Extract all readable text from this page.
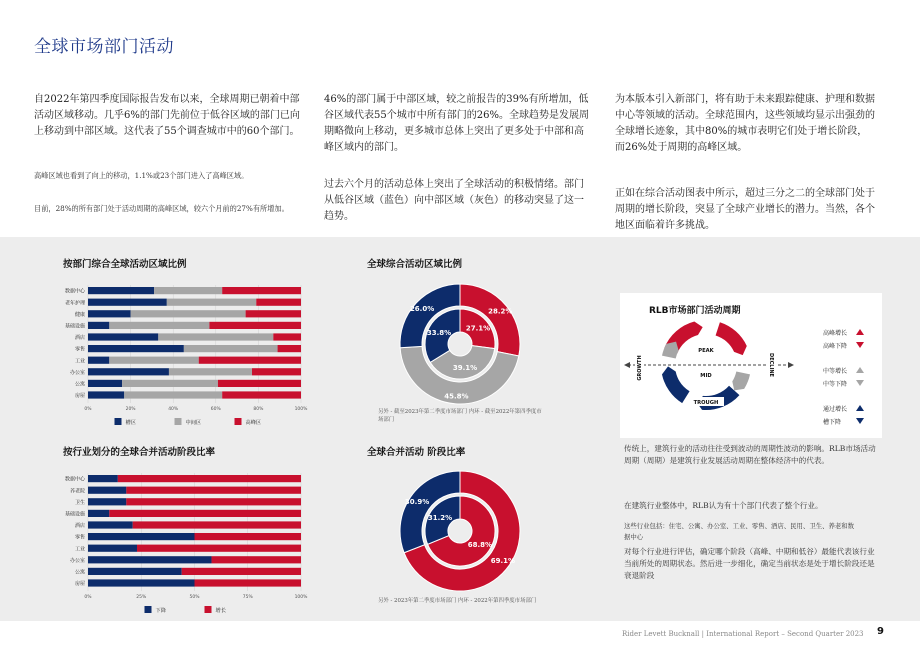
全球市场部门活动
自2022年第四季度国际报告发布以来，全球周期已朝着中部活动区域移动。几乎6%的部门先前位于低谷区域的部门已向上移动到中部区域。这代表了55个调查城市中的60个部门。
高峰区域也看到了向上的移动，1.1%或23个部门进入了高峰区域。
目前，28%的所有部门处于活动周期的高峰区域，较六个月前的27%有所增加。
46%的部门属于中部区域，较之前报告的39%有所增加，低谷区域代表55个城市中所有部门的26%。全球趋势是发展周期略微向上移动，更多城市总体上突出了更多处于中部和高峰区域内的部门。
过去六个月的活动总体上突出了全球活动的积极情绪。部门从低谷区域（蓝色）向中部区域（灰色）的移动突显了这一趋势。
为本版本引入新部门，将有助于未来跟踪健康、护理和数据中心等领域的活动。全球范围内，这些领域均显示出强劲的全球增长迹象，其中80%的城市表明它们处于增长阶段，而26%处于周期的高峰区域。
正如在综合活动图表中所示，超过三分之二的全球部门处于周期的增长阶段，突显了全球产业增长的潜力。当然，各个地区面临着许多挑战。
按部门综合全球活动区域比例	全球综合活动区域比例
按行业划分的全球合并活动阶段比率	全球合并活动 阶段比率
0%	20%	40%	60%	80%	100%
数据中心
老年护理
健康
基础设施
酒店
零售
工业
办公室
公寓
房屋
槽区	中间区	高峰区
0%	25%	50%	75%	100%
数据中心
养老院
卫生
基础设施
酒店
零售
工业
办公室
公寓
房屋
下降	增长
28.2%
45.8%
26.0%
27.1%
39.1%
33.8%
69.1%
30.9%
68.8%
31.2%
另外 - 截至2023年第二季度市场部门 内环 - 截至2022年第四季度市场部门
另外 - 2023年第二季度市场部门 内环 - 2022年第四季度市场部门
RLB市场部门活动周期
PEAK
MID
TROUGH
GROWTH	DECLINE
高峰增长
高峰下降
中等增长
中等下降
通过增长
槽下降
传统上，建筑行业的活动往往受到波动的周期性波动的影响。RLB市场活动周期（周期）是建筑行业发展活动周期在整体经济中的代表。
在建筑行业整体中，RLB认为有十个部门代表了整个行业。
这些行业包括：住宅、公寓、办公室、工业、零售、酒店、民用、卫生、养老和数据中心
对每个行业进行评估，确定哪个阶段（高峰、中期和低谷）最能代表该行业当前所处的周期状态。然后进一步细化，确定当前状态是处于增长阶段还是衰退阶段
Rider Levett Bucknall | International Report – Second Quarter 2023 9
